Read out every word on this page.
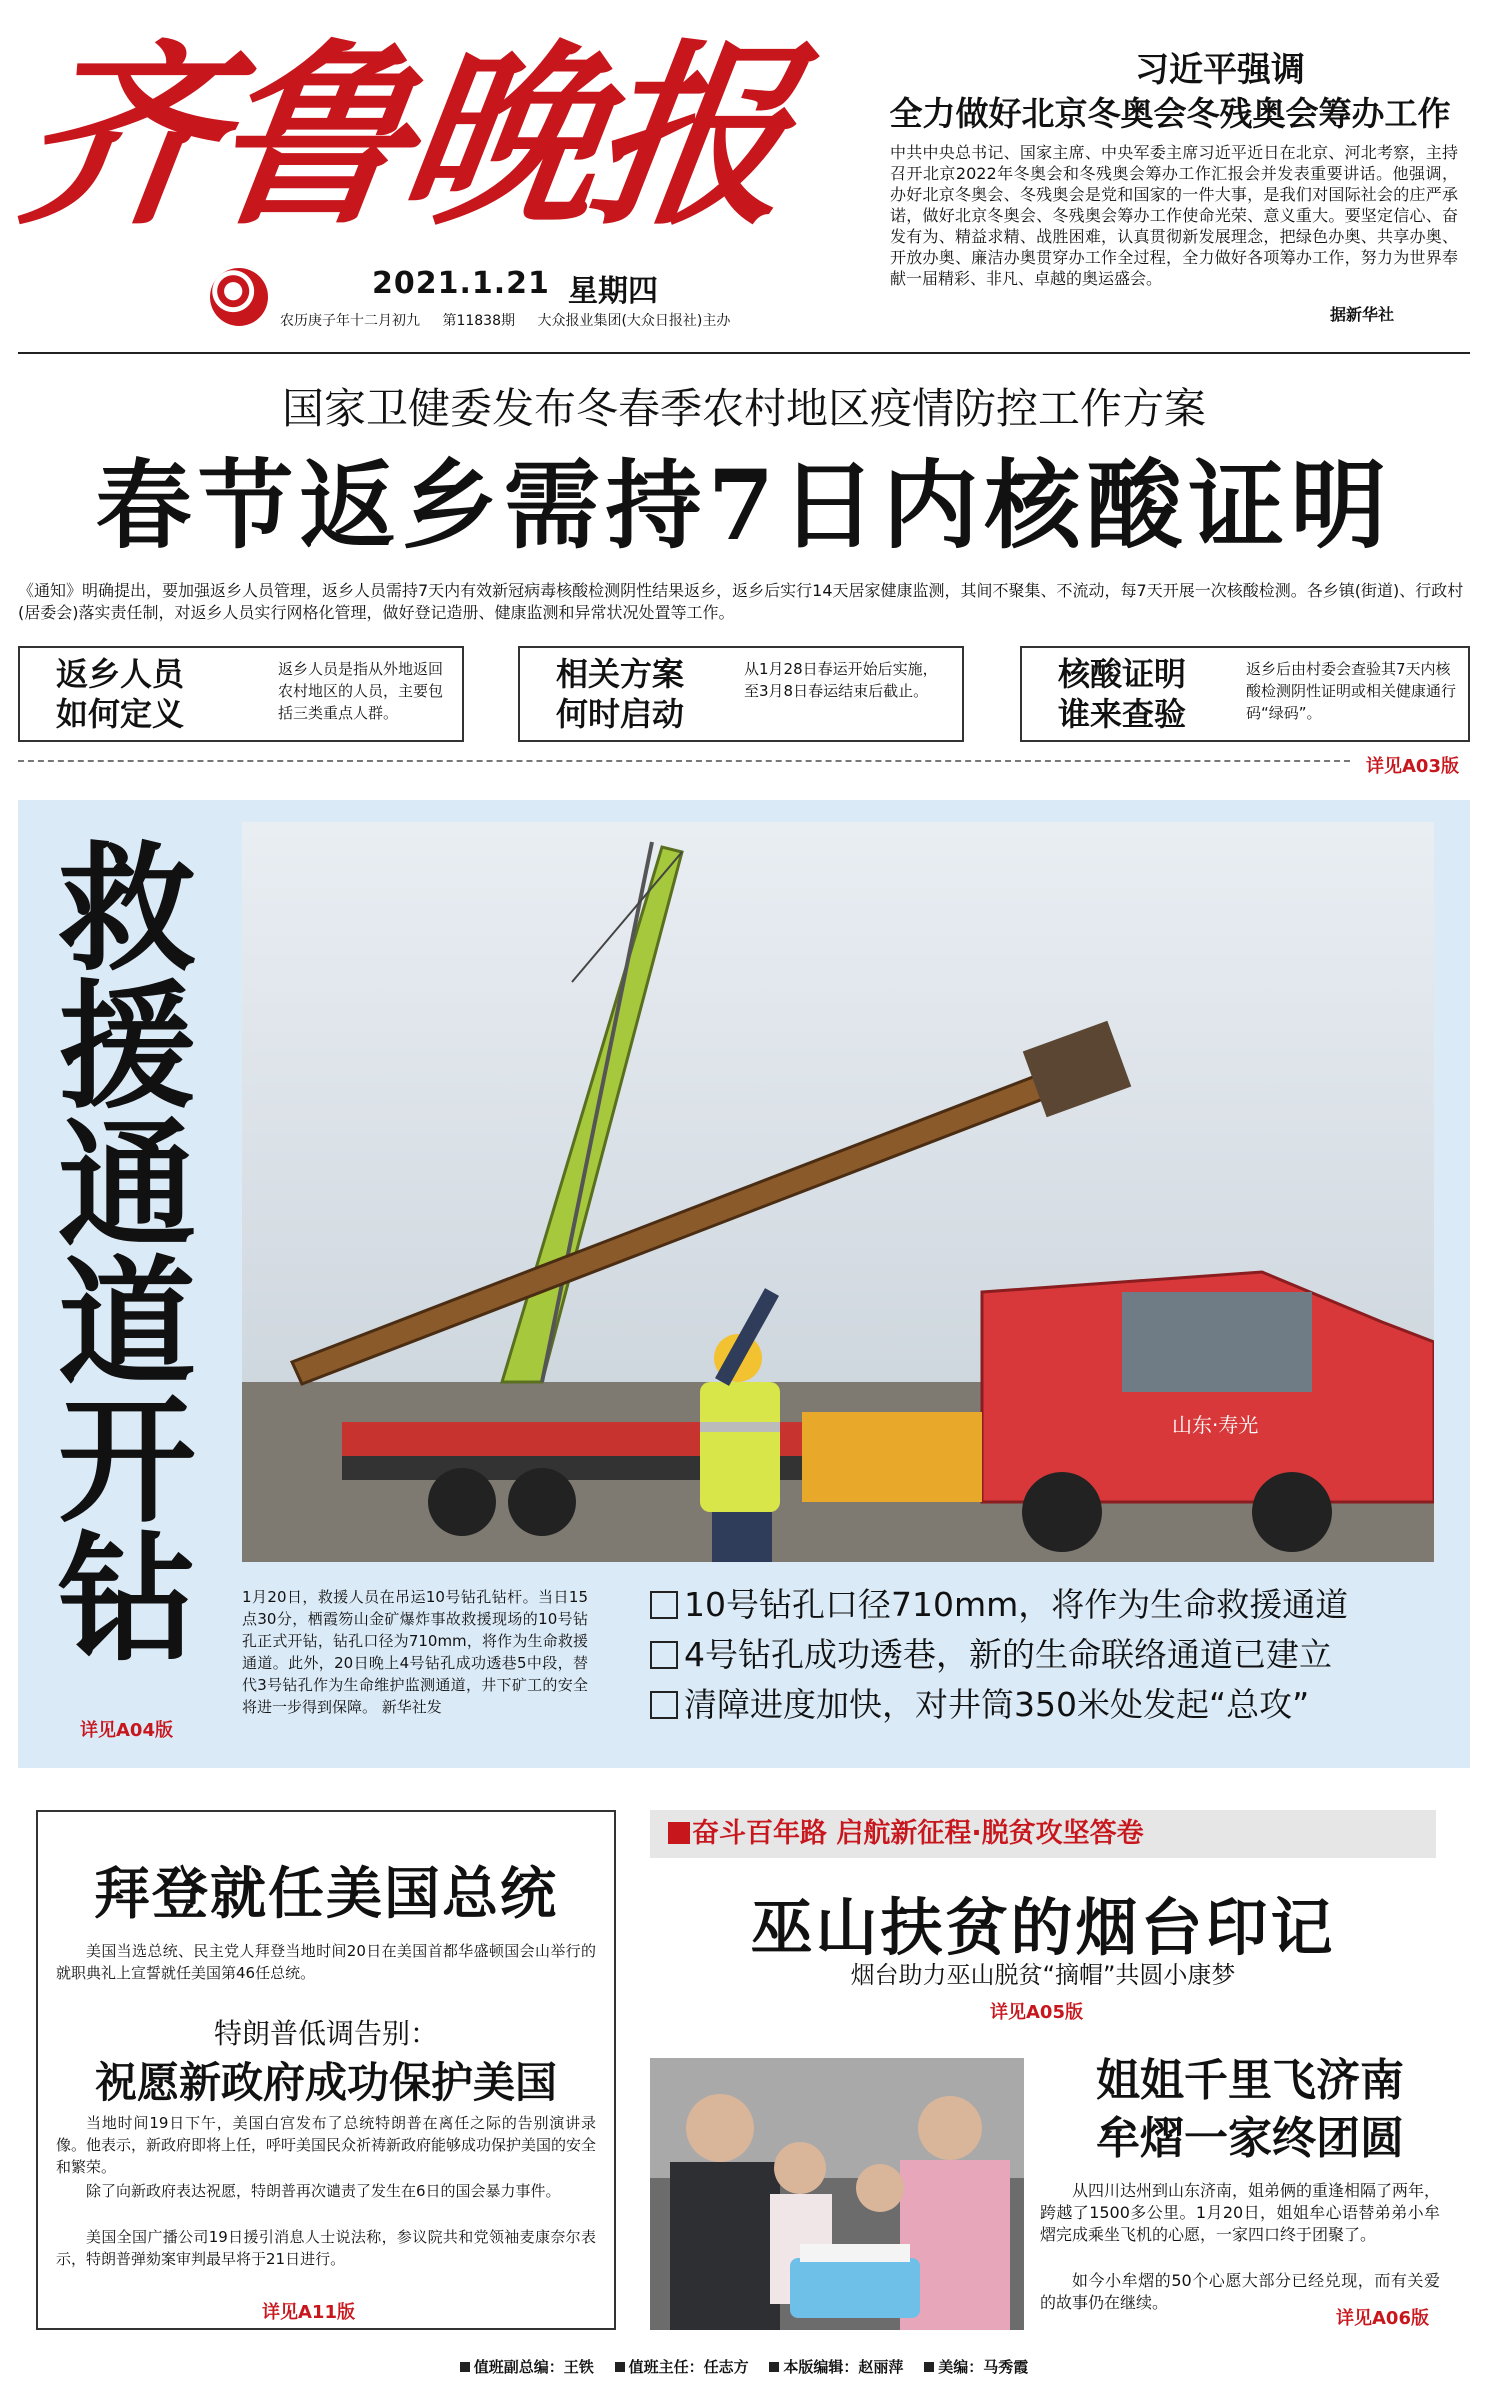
齐鲁晚报
2021.1.21 星期四
农历庚子年十二月初九 第11838期 大众报业集团(大众日报社)主办
习近平强调
全力做好北京冬奥会冬残奥会筹办工作
中共中央总书记、国家主席、中央军委主席习近平近日在北京、河北考察，主持召开北京2022年冬奥会和冬残奥会筹办工作汇报会并发表重要讲话。他强调，办好北京冬奥会、冬残奥会是党和国家的一件大事，是我们对国际社会的庄严承诺，做好北京冬奥会、冬残奥会筹办工作使命光荣、意义重大。要坚定信心、奋发有为、精益求精、战胜困难，认真贯彻新发展理念，把绿色办奥、共享办奥、开放办奥、廉洁办奥贯穿办工作全过程，全力做好各项筹办工作，努力为世界奉献一届精彩、非凡、卓越的奥运盛会。
据新华社
国家卫健委发布冬春季农村地区疫情防控工作方案
春节返乡需持7日内核酸证明
《通知》明确提出，要加强返乡人员管理，返乡人员需持7天内有效新冠病毒核酸检测阴性结果返乡，返乡后实行14天居家健康监测，其间不聚集、不流动，每7天开展一次核酸检测。各乡镇(街道)、行政村(居委会)落实责任制，对返乡人员实行网格化管理，做好登记造册、健康监测和异常状况处置等工作。
返乡人员
如何定义
返乡人员是指从外地返回农村地区的人员，主要包括三类重点人群。
相关方案
何时启动
从1月28日春运开始后实施，至3月8日春运结束后截止。	核酸证明
谁来查验
返乡后由村委会查验其7天内核酸检测阴性证明或相关健康通行码“绿码”。
详见A03版
救
援
通
道
开
钻
详见A04版
山东·寿光
1月20日，救援人员在吊运10号钻孔钻杆。当日15点30分，栖霞笏山金矿爆炸事故救援现场的10号钻孔正式开钻，钻孔口径为710mm，将作为生命救援通道。此外，20日晚上4号钻孔成功透巷5中段，替代3号钻孔作为生命维护监测通道，井下矿工的安全将进一步得到保障。 新华社发
10号钻孔口径710mm，将作为生命救援通道
4号钻孔成功透巷，新的生命联络通道已建立
清障进度加快，对井筒350米处发起“总攻”
拜登就任美国总统
美国当选总统、民主党人拜登当地时间20日在美国首都华盛顿国会山举行的就职典礼上宣誓就任美国第46任总统。
特朗普低调告别：
祝愿新政府成功保护美国
当地时间19日下午，美国白宫发布了总统特朗普在离任之际的告别演讲录像。他表示，新政府即将上任，呼吁美国民众祈祷新政府能够成功保护美国的安全和繁荣。
除了向新政府表达祝愿，特朗普再次谴责了发生在6日的国会暴力事件。
美国全国广播公司19日援引消息人士说法称，参议院共和党领袖麦康奈尔表示，特朗普弹劾案审判最早将于21日进行。
详见A11版
奋斗百年路 启航新征程·脱贫攻坚答卷
巫山扶贫的烟台印记
烟台助力巫山脱贫“摘帽”共圆小康梦
详见A05版
姐姐千里飞济南
牟熠一家终团圆
从四川达州到山东济南，姐弟俩的重逢相隔了两年，跨越了1500多公里。1月20日，姐姐牟心语替弟弟小牟熠完成乘坐飞机的心愿，一家四口终于团聚了。
如今小牟熠的50个心愿大部分已经兑现，而有关爱的故事仍在继续。
详见A06版
值班副总编：王铁 值班主任：任志方 本版编辑：赵丽萍 美编：马秀霞
